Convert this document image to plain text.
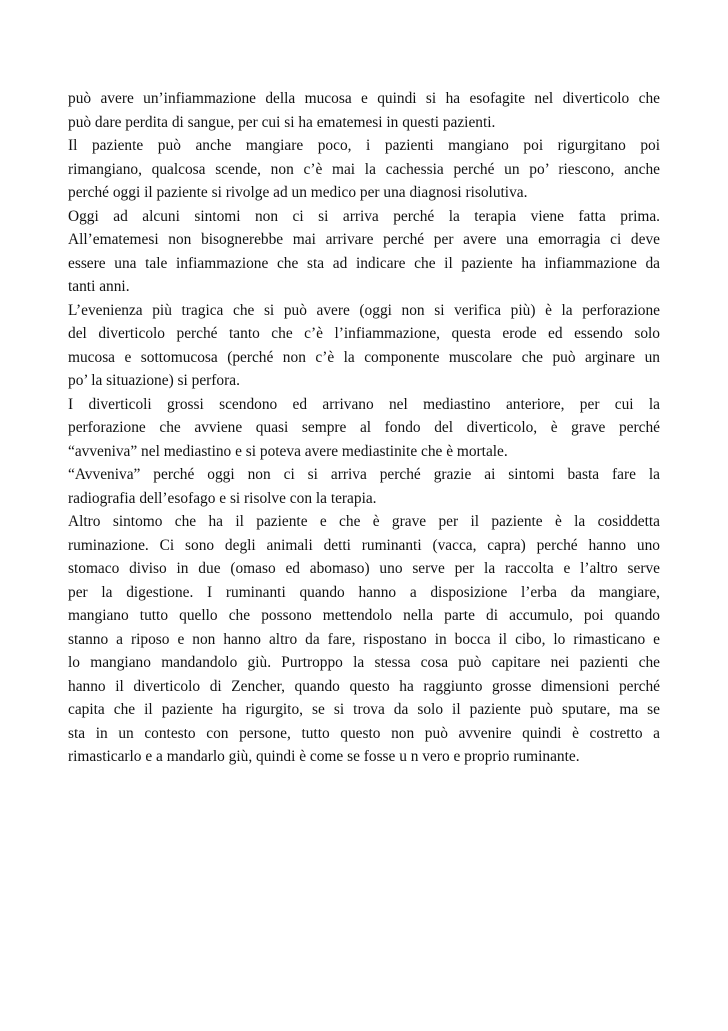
può avere un’infiammazione della mucosa e quindi si ha esofagite nel diverticolo che
può dare perdita di sangue, per cui si ha ematemesi in questi pazienti.
Il paziente può anche mangiare poco, i pazienti mangiano poi rigurgitano poi
rimangiano, qualcosa scende, non c’è mai la cachessia perché un po’ riescono, anche
perché oggi il paziente si rivolge ad un medico per una diagnosi risolutiva.
Oggi ad alcuni sintomi non ci si arriva perché la terapia viene fatta prima.
All’ematemesi non bisognerebbe mai arrivare perché per avere una emorragia ci deve
essere una tale infiammazione che sta ad indicare che il paziente ha infiammazione da
tanti anni.
L’evenienza più tragica che si può avere (oggi non si verifica più) è la perforazione
del diverticolo perché tanto che c’è l’infiammazione, questa erode ed essendo solo
mucosa e sottomucosa (perché non c’è la componente muscolare che può arginare un
po’ la situazione) si perfora.
I diverticoli grossi scendono ed arrivano nel mediastino anteriore, per cui la
perforazione che avviene quasi sempre al fondo del diverticolo, è grave perché
“avveniva” nel mediastino e si poteva avere mediastinite che è mortale.
“Avveniva” perché oggi non ci si arriva perché grazie ai sintomi basta fare la
radiografia dell’esofago e si risolve con la terapia.
Altro sintomo che ha il paziente e che è grave per il paziente è la cosiddetta
ruminazione. Ci sono degli animali detti ruminanti (vacca, capra) perché hanno uno
stomaco diviso in due (omaso ed abomaso) uno serve per la raccolta e l’altro serve
per la digestione. I ruminanti quando hanno a disposizione l’erba da mangiare,
mangiano tutto quello che possono mettendolo nella parte di accumulo, poi quando
stanno a riposo e non hanno altro da fare, rispostano in bocca il cibo, lo rimasticano e
lo mangiano mandandolo giù. Purtroppo la stessa cosa può capitare nei pazienti che
hanno il diverticolo di Zencher, quando questo ha raggiunto grosse dimensioni perché
capita che il paziente ha rigurgito, se si trova da solo il paziente può sputare, ma se
sta in un contesto con persone, tutto questo non può avvenire quindi è costretto a
rimasticarlo e a mandarlo giù, quindi è come se fosse u n vero e proprio ruminante.
